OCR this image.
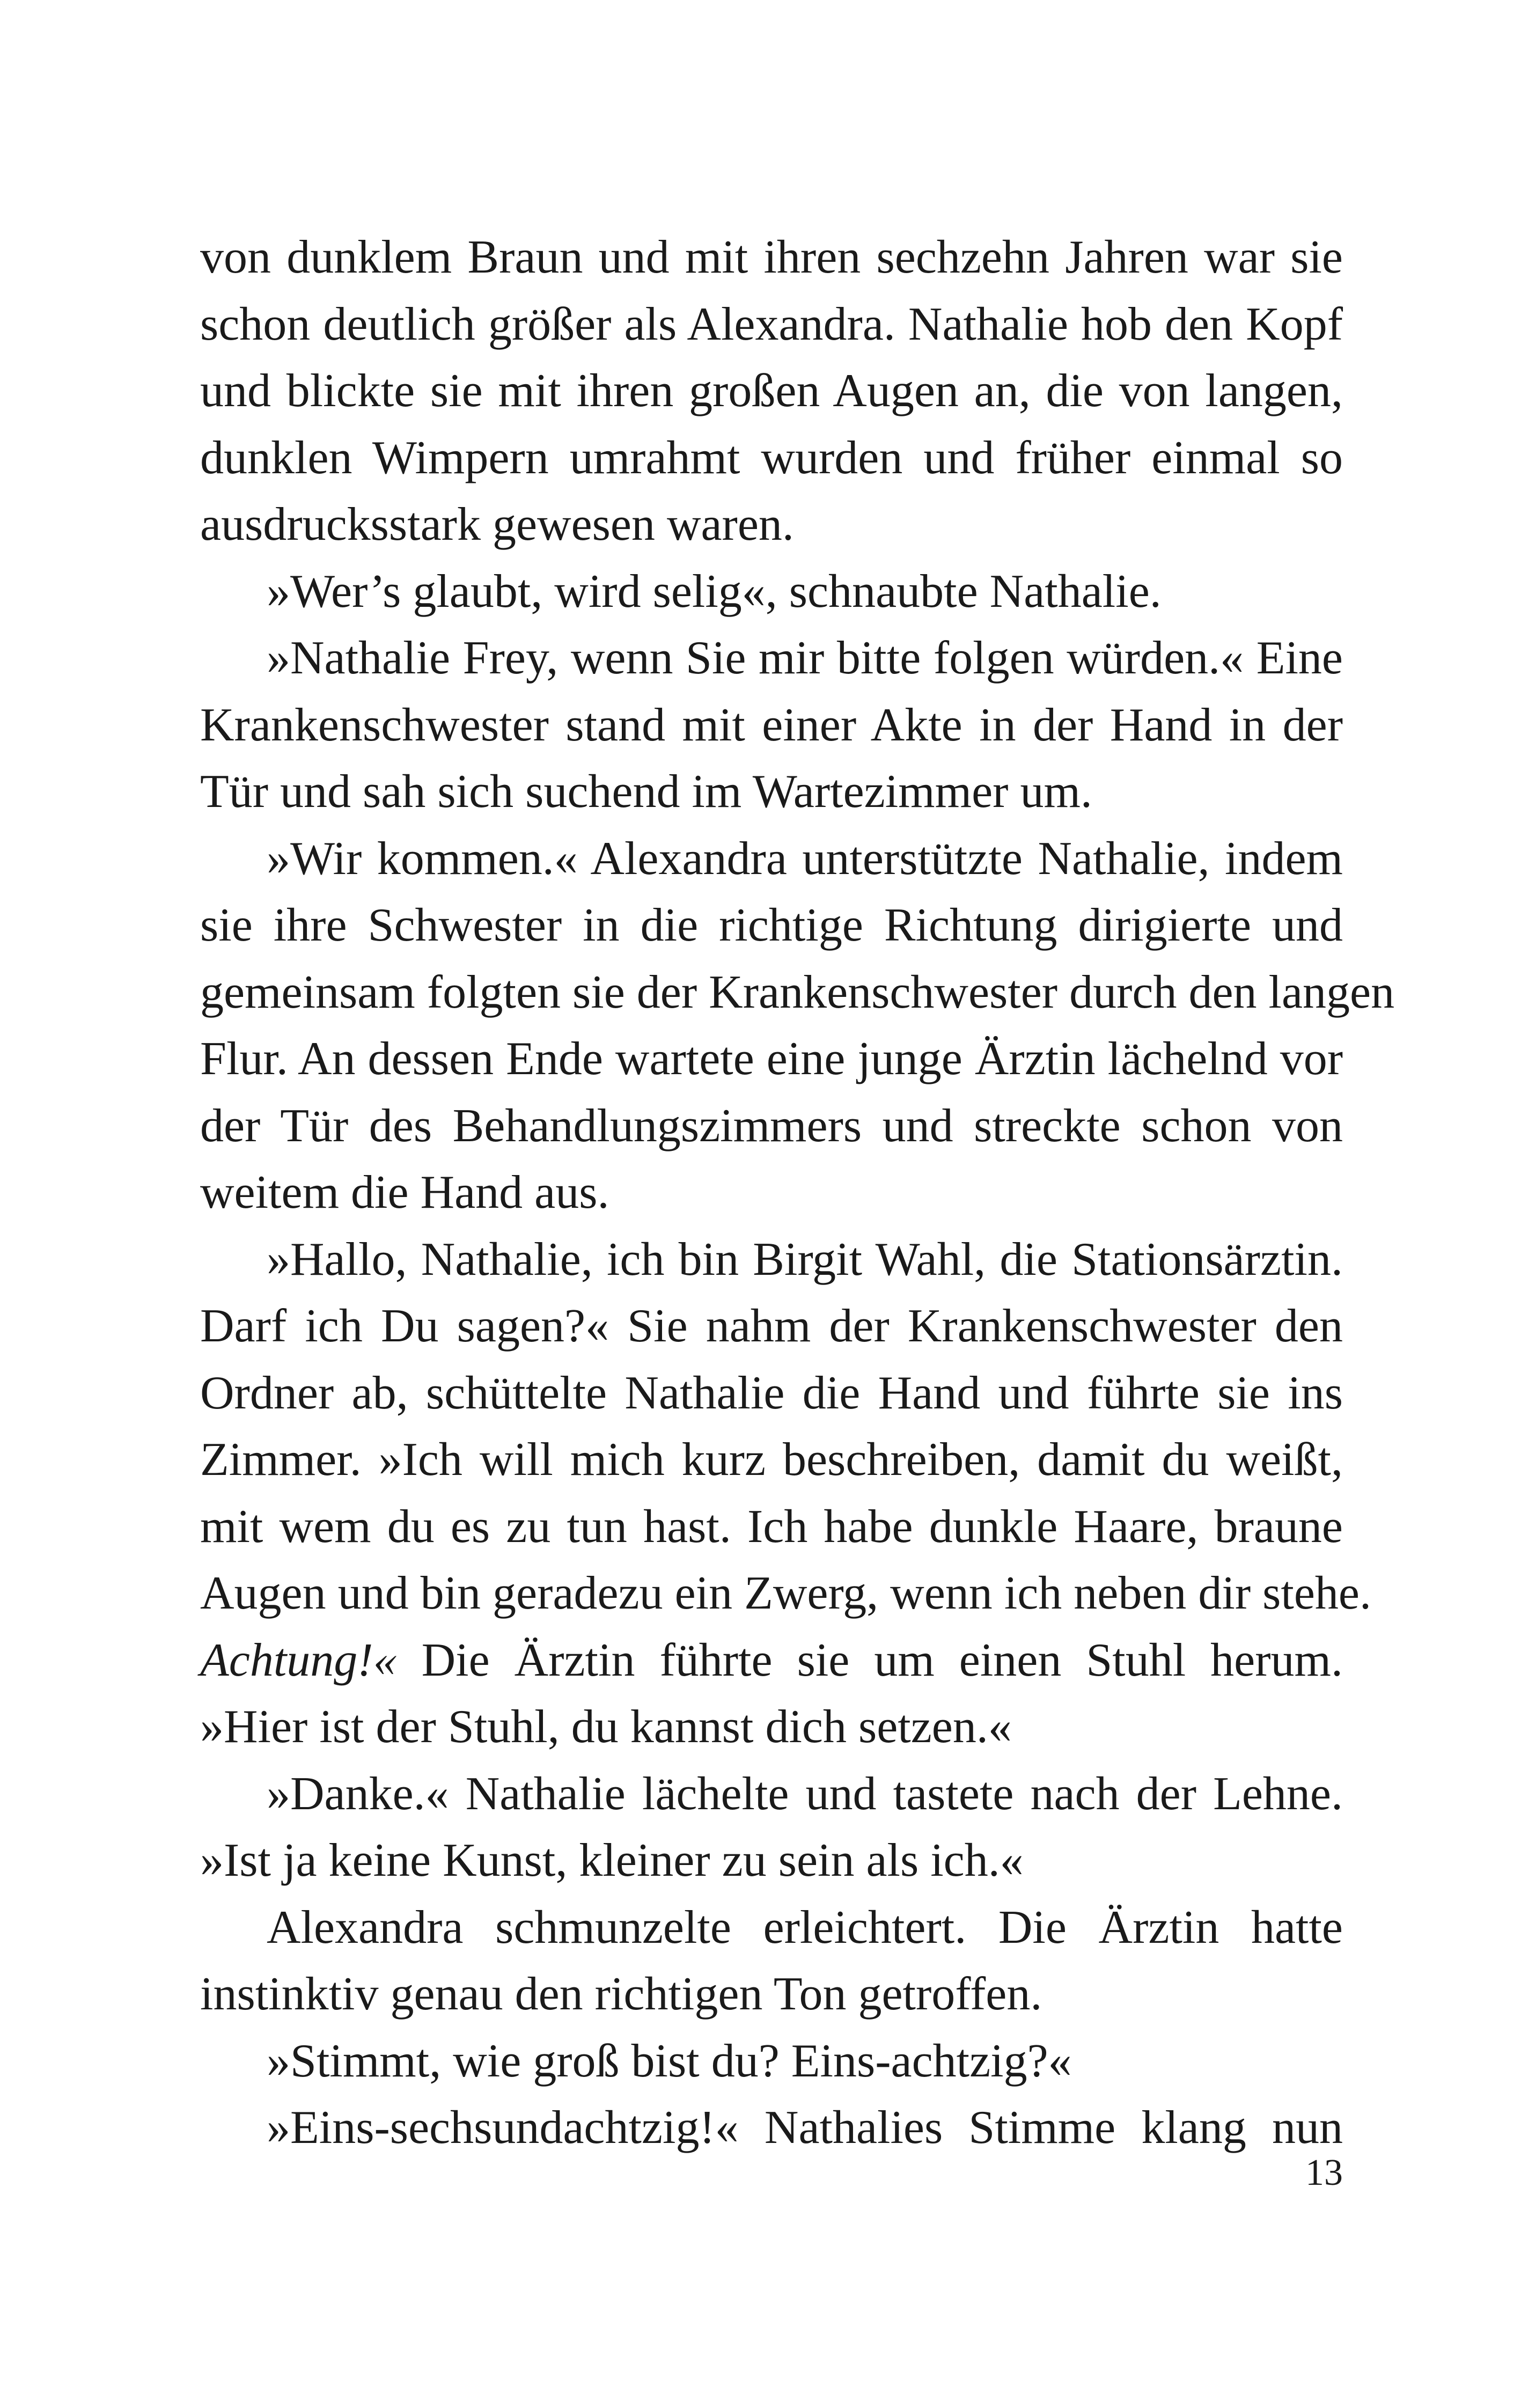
von dunklem Braun und mit ihren sechzehn Jahren war sie
schon deutlich größer als Alexandra. Nathalie hob den Kopf
und blickte sie mit ihren großen Augen an, die von langen,
dunklen Wimpern umrahmt wurden und früher einmal so
ausdrucksstark gewesen waren.
»Wer’s glaubt, wird selig«, schnaubte Nathalie.
»Nathalie Frey, wenn Sie mir bitte folgen würden.« Eine
Krankenschwester stand mit einer Akte in der Hand in der
Tür und sah sich suchend im Wartezimmer um.
»Wir kommen.« Alexandra unterstützte Nathalie, indem
sie ihre Schwester in die richtige Richtung dirigierte und
gemeinsam folgten sie der Krankenschwester durch den langen
Flur. An dessen Ende wartete eine junge Ärztin lächelnd vor
der Tür des Behandlungszimmers und streckte schon von
weitem die Hand aus.
»Hallo, Nathalie, ich bin Birgit Wahl, die Stationsärztin.
Darf ich Du sagen?« Sie nahm der Krankenschwester den
Ordner ab, schüttelte Nathalie die Hand und führte sie ins
Zimmer. »Ich will mich kurz beschreiben, damit du weißt,
mit wem du es zu tun hast. Ich habe dunkle Haare, braune
Augen und bin geradezu ein Zwerg, wenn ich neben dir stehe.
Achtung!« Die Ärztin führte sie um einen Stuhl herum.
»Hier ist der Stuhl, du kannst dich setzen.«
»Danke.« Nathalie lächelte und tastete nach der Lehne.
»Ist ja keine Kunst, kleiner zu sein als ich.«
Alexandra schmunzelte erleichtert. Die Ärztin hatte
instinktiv genau den richtigen Ton getroffen.
»Stimmt, wie groß bist du? Eins-achtzig?«
»Eins-sechsundachtzig!« Nathalies Stimme klang nun
13
